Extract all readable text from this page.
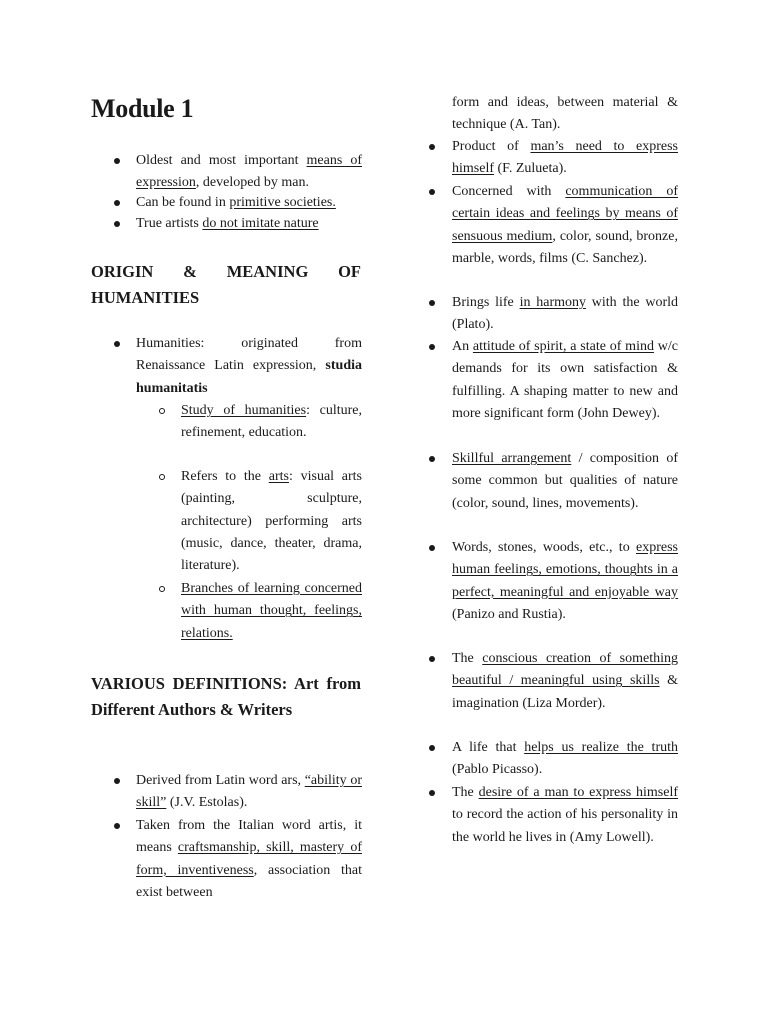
Module 1
Oldest and most important means of expression, developed by man.
Can be found in primitive societies.
True artists do not imitate nature
ORIGIN & MEANING OF HUMANITIES
Humanities: originated from Renaissance Latin expression, studia humanitatis
Study of humanities: culture, refinement, education.
Refers to the arts: visual arts (painting, sculpture, architecture) performing arts (music, dance, theater, drama, literature).
Branches of learning concerned with human thought, feelings, relations.
VARIOUS DEFINITIONS: Art from Different Authors & Writers
Derived from Latin word ars, “ability or skill” (J.V. Estolas).
Taken from the Italian word artis, it means craftsmanship, skill, mastery of form, inventiveness, association that exist between
form and ideas, between material & technique (A. Tan).
Product of man’s need to express himself (F. Zulueta).
Concerned with communication of certain ideas and feelings by means of sensuous medium, color, sound, bronze, marble, words, films (C. Sanchez).
Brings life in harmony with the world (Plato).
An attitude of spirit, a state of mind w/c demands for its own satisfaction & fulfilling. A shaping matter to new and more significant form (John Dewey).
Skillful arrangement / composition of some common but qualities of nature (color, sound, lines, movements).
Words, stones, woods, etc., to express human feelings, emotions, thoughts in a perfect, meaningful and enjoyable way (Panizo and Rustia).
The conscious creation of something beautiful / meaningful using skills & imagination (Liza Morder).
A life that helps us realize the truth (Pablo Picasso).
The desire of a man to express himself to record the action of his personality in the world he lives in (Amy Lowell).
